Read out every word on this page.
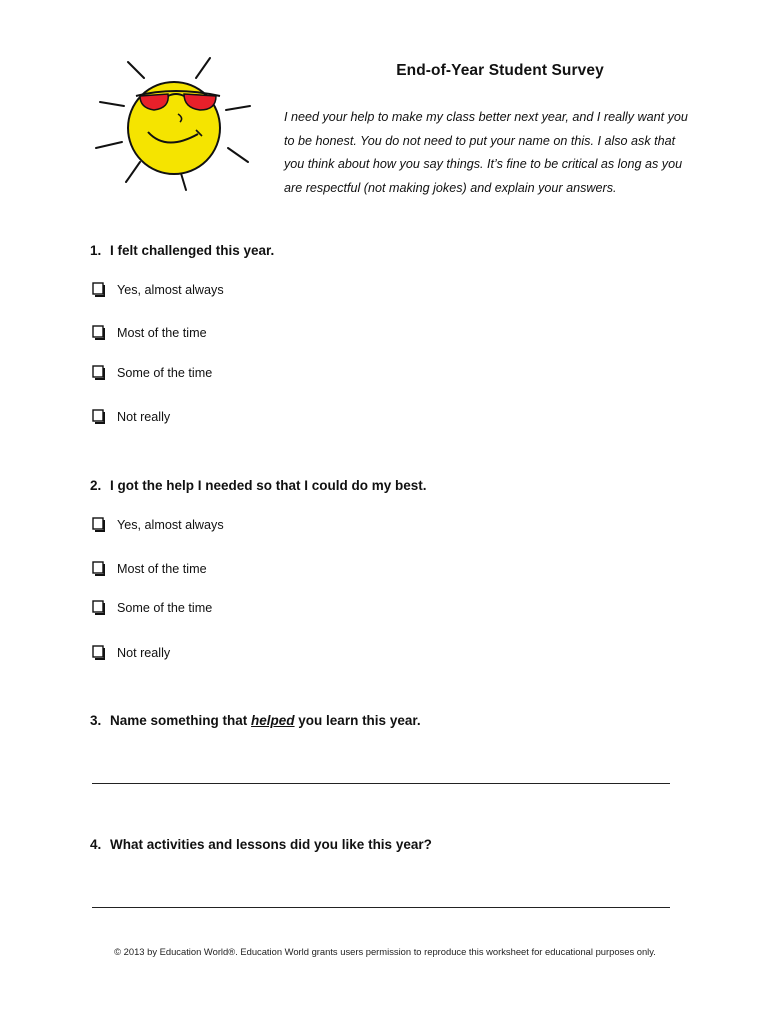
End-of-Year Student Survey

I need your help to make my class better next year, and I really want you to be honest. You do not need to put your name on this. I also ask that you think about how you say things. It’s fine to be critical as long as you are respectful (not making jokes) and explain your answers.

1. I felt challenged this year.

Yes, almost always
Most of the time
Some of the time
Not really

2. I got the help I needed so that I could do my best.

Yes, almost always
Most of the time
Some of the time
Not really

3. Name something that helped you learn this year.

4. What activities and lessons did you like this year?

© 2013 by Education World®. Education World grants users permission to reproduce this worksheet for educational purposes only.
